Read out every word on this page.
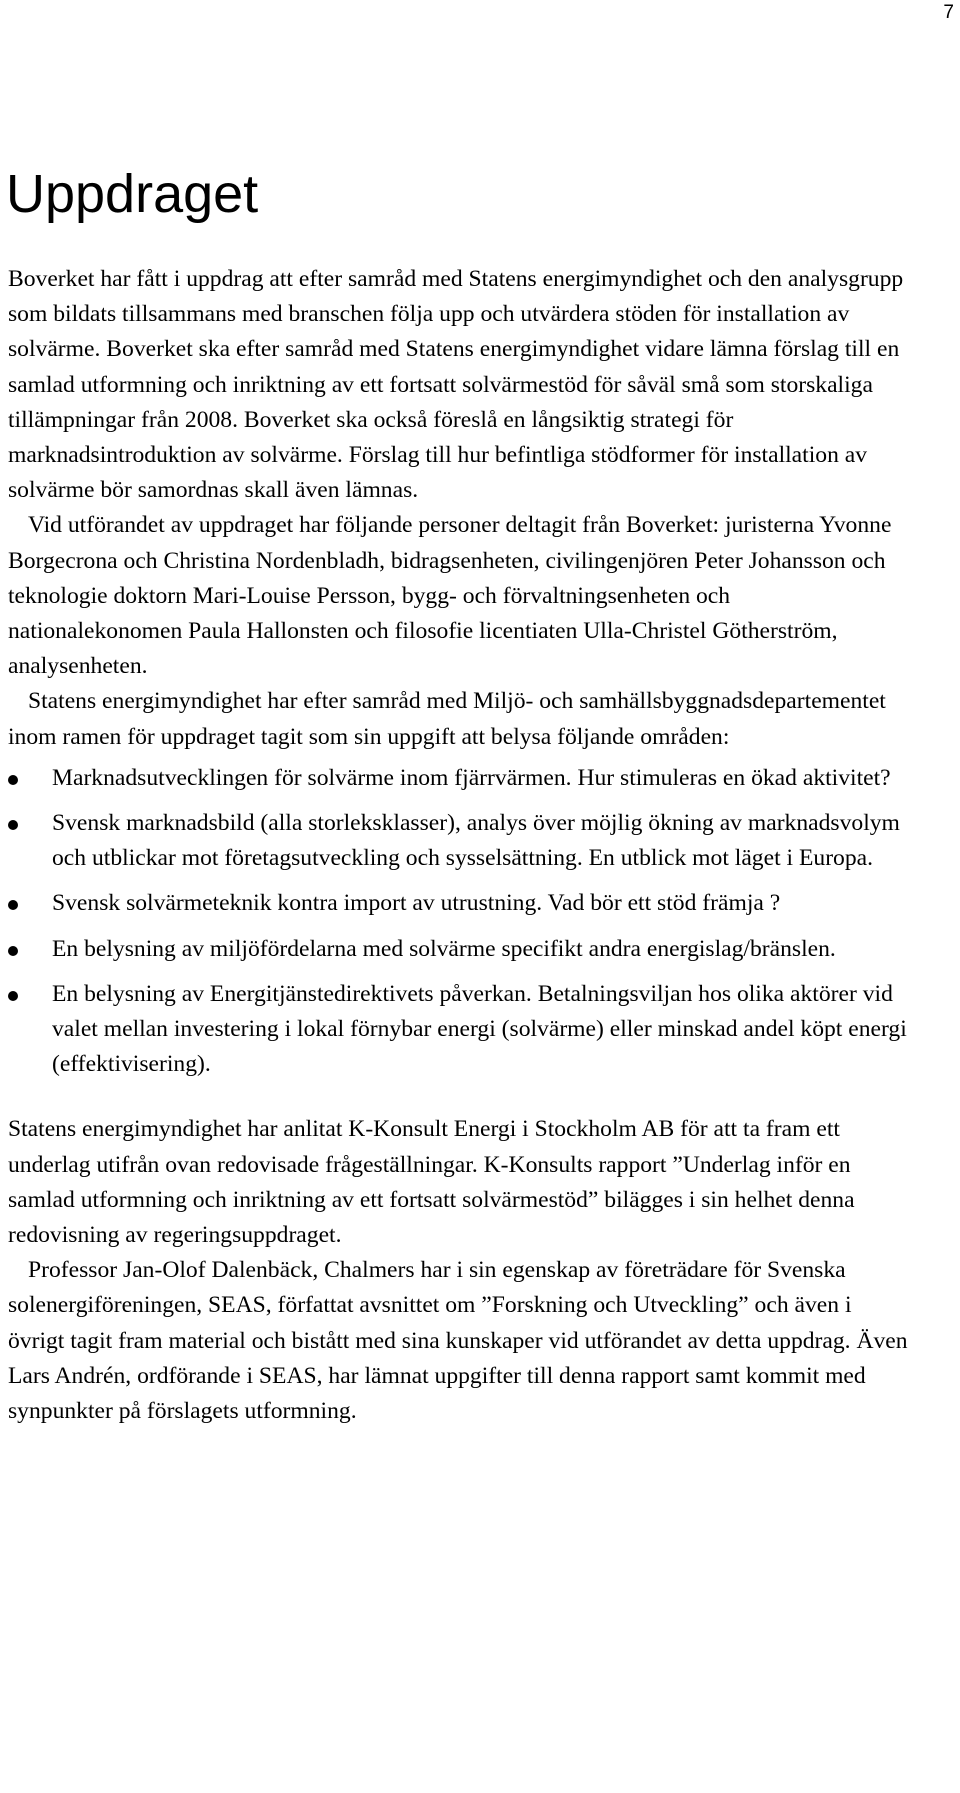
7
Uppdraget

Boverket har fått i uppdrag att efter samråd med Statens energimyndighet och den analysgrupp som bildats tillsammans med branschen följa upp och utvärdera stöden för installation av solvärme. Boverket ska efter samråd med Statens energimyndighet vidare lämna förslag till en samlad utformning och inriktning av ett fortsatt solvärmestöd för såväl små som storskaliga tillämpningar från 2008. Boverket ska också föreslå en långsiktig strategi för marknadsintroduktion av solvärme. Förslag till hur befintliga stödformer för installation av solvärme bör samordnas skall även lämnas.

Vid utförandet av uppdraget har följande personer deltagit från Boverket: juristerna Yvonne Borgecrona och Christina Nordenbladh, bidragsenheten, civilingenjören Peter Johansson och teknologie doktorn Mari-Louise Persson, bygg- och förvaltningsenheten och nationalekonomen Paula Hallonsten och filosofie licentiaten Ulla-Christel Götherström, analysenheten.

Statens energimyndighet har efter samråd med Miljö- och samhällsbyggnadsdepartementet inom ramen för uppdraget tagit som sin uppgift att belysa följande områden:

Marknadsutvecklingen för solvärme inom fjärrvärmen. Hur stimuleras en ökad aktivitet?
Svensk marknadsbild (alla storleksklasser), analys över möjlig ökning av marknadsvolym och utblickar mot företagsutveckling och sysselsättning. En utblick mot läget i Europa.
Svensk solvärmeteknik kontra import av utrustning. Vad bör ett stöd främja ?
En belysning av miljöfördelarna med solvärme specifikt andra energislag/bränslen.
En belysning av Energitjänstedirektivets påverkan. Betalningsviljan hos olika aktörer vid valet mellan investering i lokal förnybar energi (solvärme) eller minskad andel köpt energi (effektivisering).

Statens energimyndighet har anlitat K-Konsult Energi i Stockholm AB för att ta fram ett underlag utifrån ovan redovisade frågeställningar. K-Konsults rapport ”Underlag inför en samlad utformning och inriktning av ett fortsatt solvärmestöd” bilägges i sin helhet denna redovisning av regeringsuppdraget.

Professor Jan-Olof Dalenbäck, Chalmers har i sin egenskap av företrädare för Svenska solenergiföreningen, SEAS, författat avsnittet om ”Forskning och Utveckling” och även i övrigt tagit fram material och bistått med sina kunskaper vid utförandet av detta uppdrag. Även Lars Andrén, ordförande i SEAS, har lämnat uppgifter till denna rapport samt kommit med synpunkter på förslagets utformning.
